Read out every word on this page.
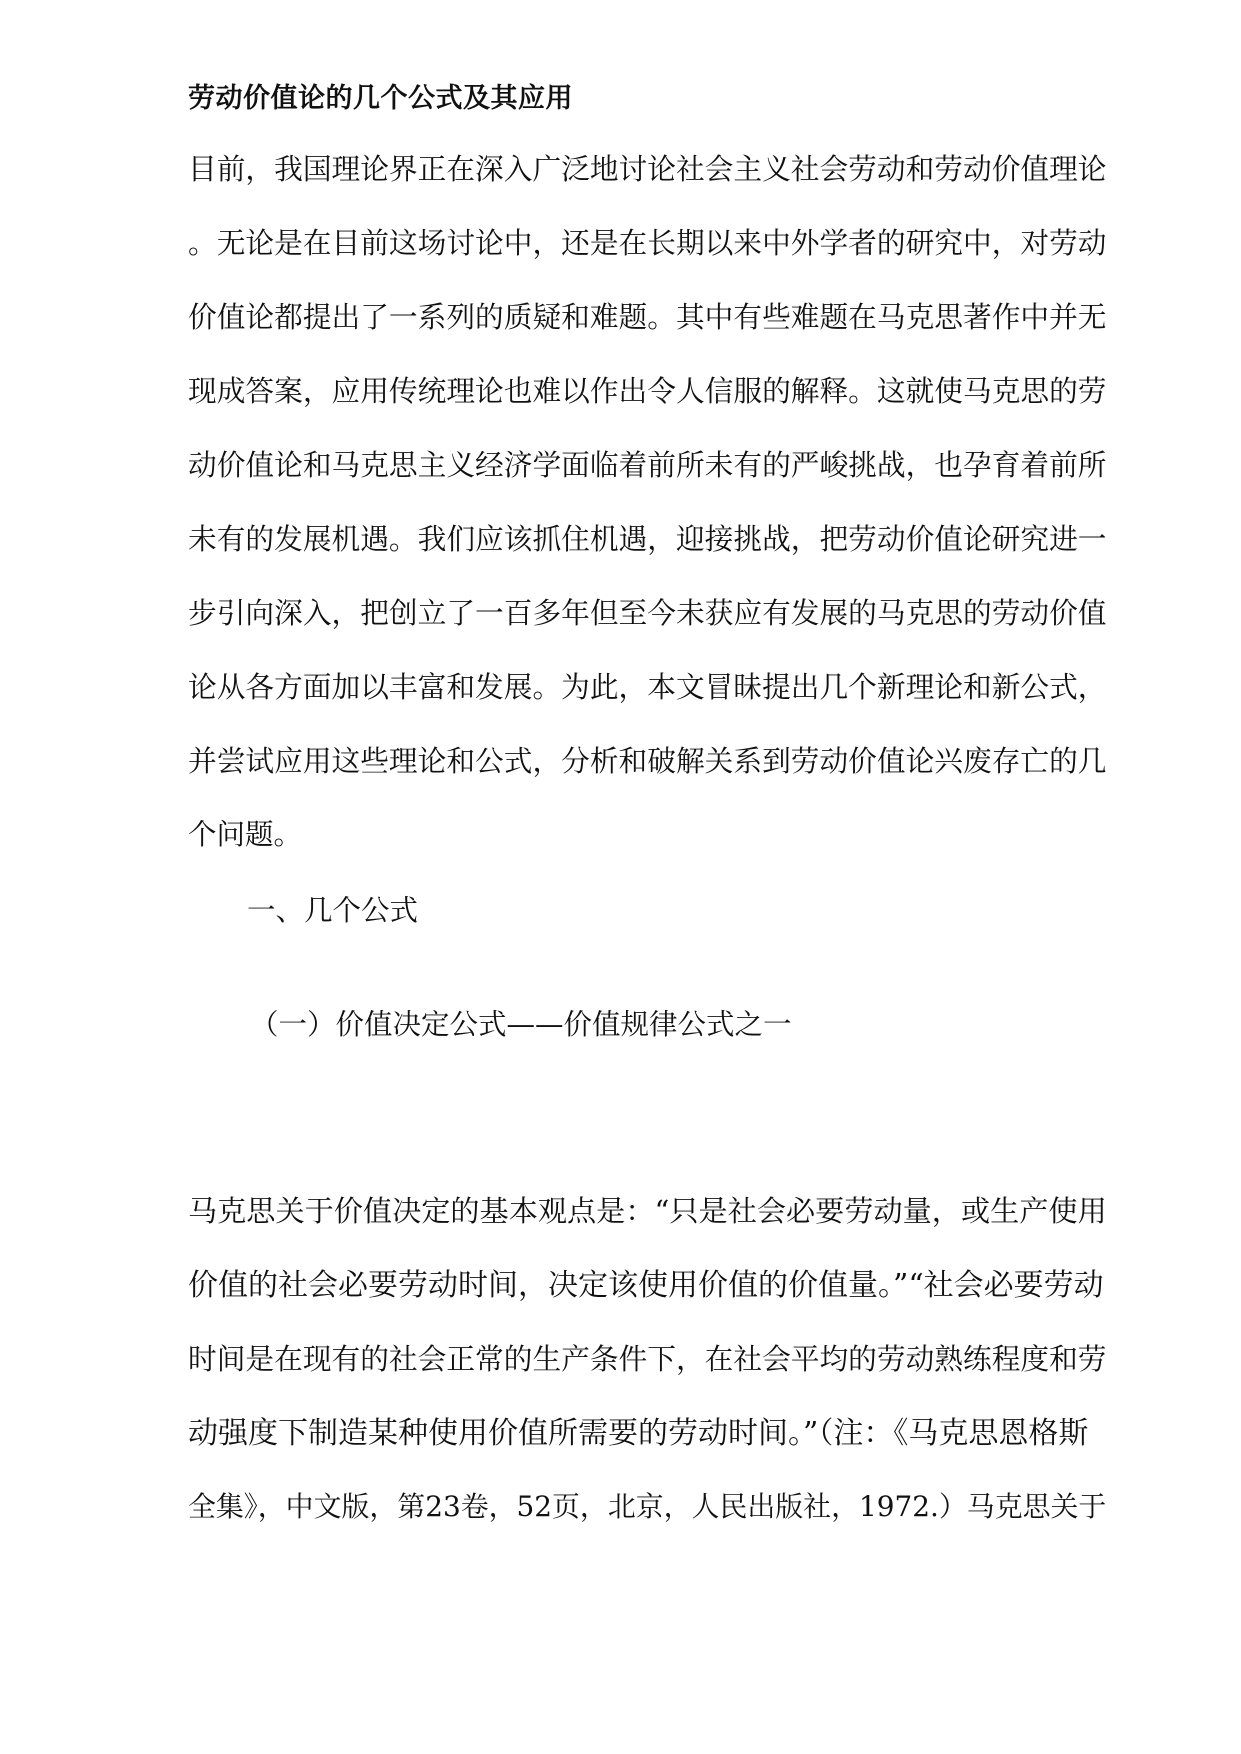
劳动价值论的几个公式及其应用
目前，我国理论界正在深入广泛地讨论社会主义社会劳动和劳动价值理论
。无论是在目前这场讨论中，还是在长期以来中外学者的研究中，对劳动
价值论都提出了一系列的质疑和难题。其中有些难题在马克思著作中并无
现成答案，应用传统理论也难以作出令人信服的解释。这就使马克思的劳
动价值论和马克思主义经济学面临着前所未有的严峻挑战，也孕育着前所
未有的发展机遇。我们应该抓住机遇，迎接挑战，把劳动价值论研究进一
步引向深入，把创立了一百多年但至今未获应有发展的马克思的劳动价值
论从各方面加以丰富和发展。为此，本文冒昧提出几个新理论和新公式，
并尝试应用这些理论和公式，分析和破解关系到劳动价值论兴废存亡的几
个问题。
一、几个公式
（一）价值决定公式——价值规律公式之一
马克思关于价值决定的基本观点是：“只是社会必要劳动量，或生产使用
价值的社会必要劳动时间，决定该使用价值的价值量。”“社会必要劳动
时间是在现有的社会正常的生产条件下，在社会平均的劳动熟练程度和劳
动强度下制造某种使用价值所需要的劳动时间。”（注：《马克思恩格斯
全集》，中文版，第23卷，52页，北京，人民出版社，1972.）马克思关于
